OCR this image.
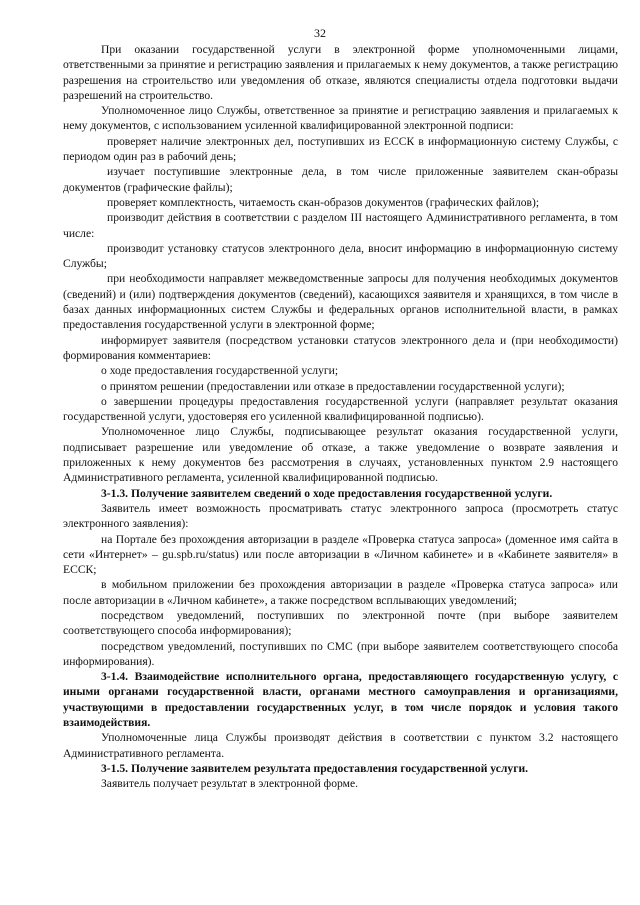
32

При оказании государственной услуги в электронной форме уполномоченными лицами, ответственными за принятие и регистрацию заявления и прилагаемых к нему документов, а также регистрацию разрешения на строительство или уведомления об отказе, являются специалисты отдела подготовки выдачи разрешений на строительство.

Уполномоченное лицо Службы, ответственное за принятие и регистрацию заявления и прилагаемых к нему документов, с использованием усиленной квалифицированной электронной подписи:

проверяет наличие электронных дел, поступивших из ЕССК в информационную систему Службы, с периодом один раз в рабочий день;

изучает поступившие электронные дела, в том числе приложенные заявителем скан-образы документов (графические файлы);

проверяет комплектность, читаемость скан-образов документов (графических файлов);

производит действия в соответствии с разделом III настоящего Административного регламента, в том числе:

производит установку статусов электронного дела, вносит информацию в информационную систему Службы;

при необходимости направляет межведомственные запросы для получения необходимых документов (сведений) и (или) подтверждения документов (сведений), касающихся заявителя и хранящихся, в том числе в базах данных информационных систем Службы и федеральных органов исполнительной власти, в рамках предоставления государственной услуги в электронной форме;

информирует заявителя (посредством установки статусов электронного дела и (при необходимости) формирования комментариев:

о ходе предоставления государственной услуги;

о принятом решении (предоставлении или отказе в предоставлении государственной услуги);

о завершении процедуры предоставления государственной услуги (направляет результат оказания государственной услуги, удостоверяя его усиленной квалифицированной подписью).

Уполномоченное лицо Службы, подписывающее результат оказания государственной услуги, подписывает разрешение или уведомление об отказе, а также уведомление о возврате заявления и приложенных к нему документов без рассмотрения в случаях, установленных пунктом 2.9 настоящего Административного регламента, усиленной квалифицированной подписью.

3-1.3. Получение заявителем сведений о ходе предоставления государственной услуги.

Заявитель имеет возможность просматривать статус электронного запроса (просмотреть статус электронного заявления):

на Портале без прохождения авторизации в разделе «Проверка статуса запроса» (доменное имя сайта в сети «Интернет» – gu.spb.ru/status) или после авторизации в «Личном кабинете» и в «Кабинете заявителя» в ЕССК;

в мобильном приложении без прохождения авторизации в разделе «Проверка статуса запроса» или после авторизации в «Личном кабинете», а также посредством всплывающих уведомлений;

посредством уведомлений, поступивших по электронной почте (при выборе заявителем соответствующего способа информирования);

посредством уведомлений, поступивших по СМС (при выборе заявителем соответствующего способа информирования).

3-1.4. Взаимодействие исполнительного органа, предоставляющего государственную услугу, с иными органами государственной власти, органами местного самоуправления и организациями, участвующими в предоставлении государственных услуг, в том числе порядок и условия такого взаимодействия.

Уполномоченные лица Службы производят действия в соответствии с пунктом 3.2 настоящего Административного регламента.

3-1.5. Получение заявителем результата предоставления государственной услуги.

Заявитель получает результат в электронной форме.
